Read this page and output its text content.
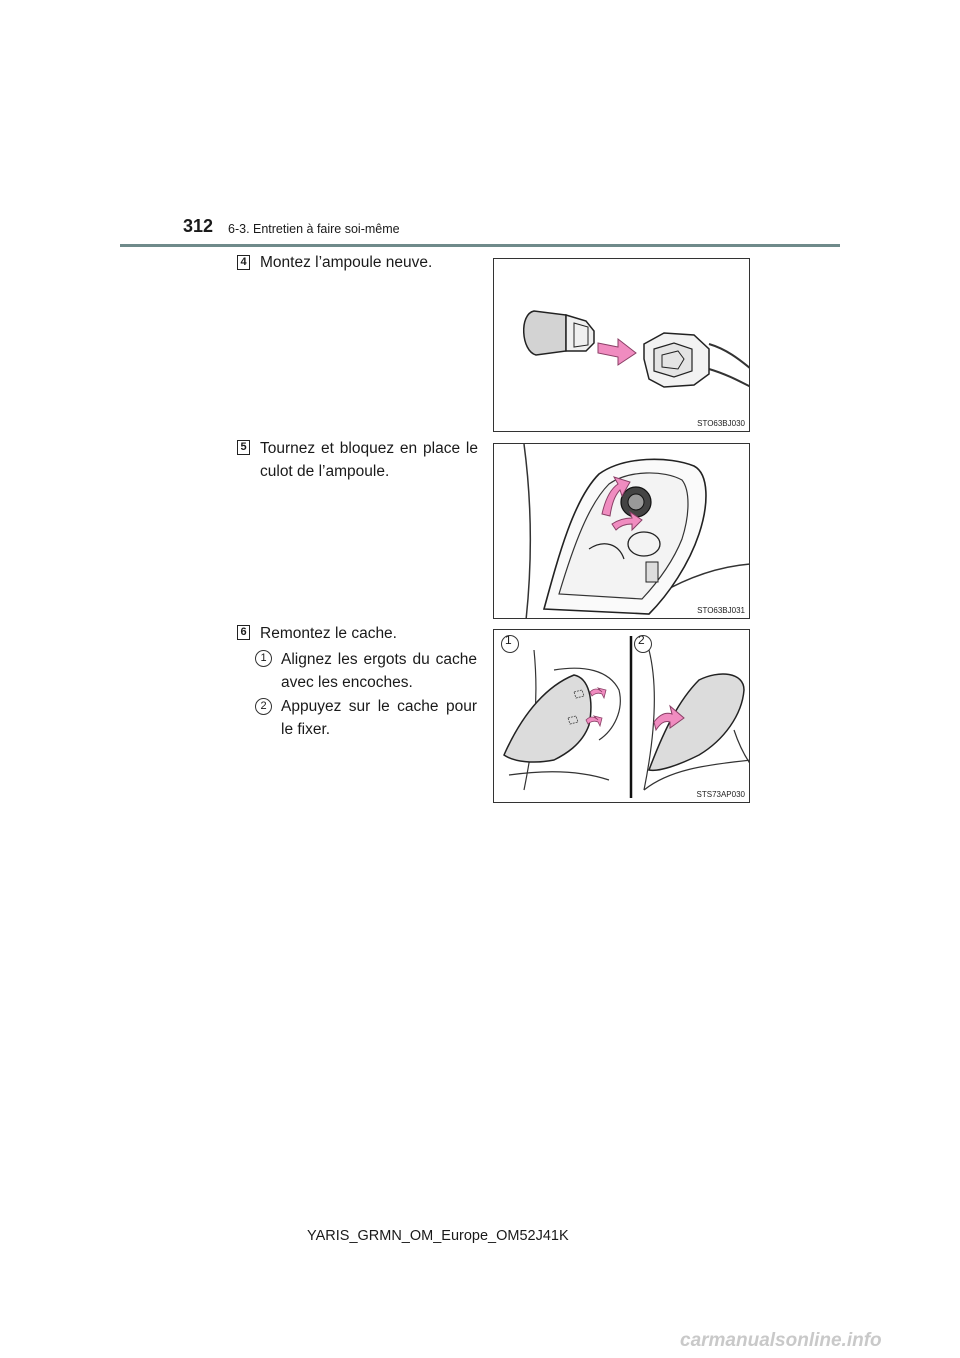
312 6-3. Entretien à faire soi-même
4 Montez l’ampoule neuve.
STO63BJ030
5 Tournez et bloquez en place le culot de l’ampoule.
STO63BJ031
6 Remontez le cache.
1 Alignez les ergots du cache avec les encoches.
2 Appuyez sur le cache pour le fixer.
1	2
STS73AP030
YARIS_GRMN_OM_Europe_OM52J41K
carmanualsonline.info
